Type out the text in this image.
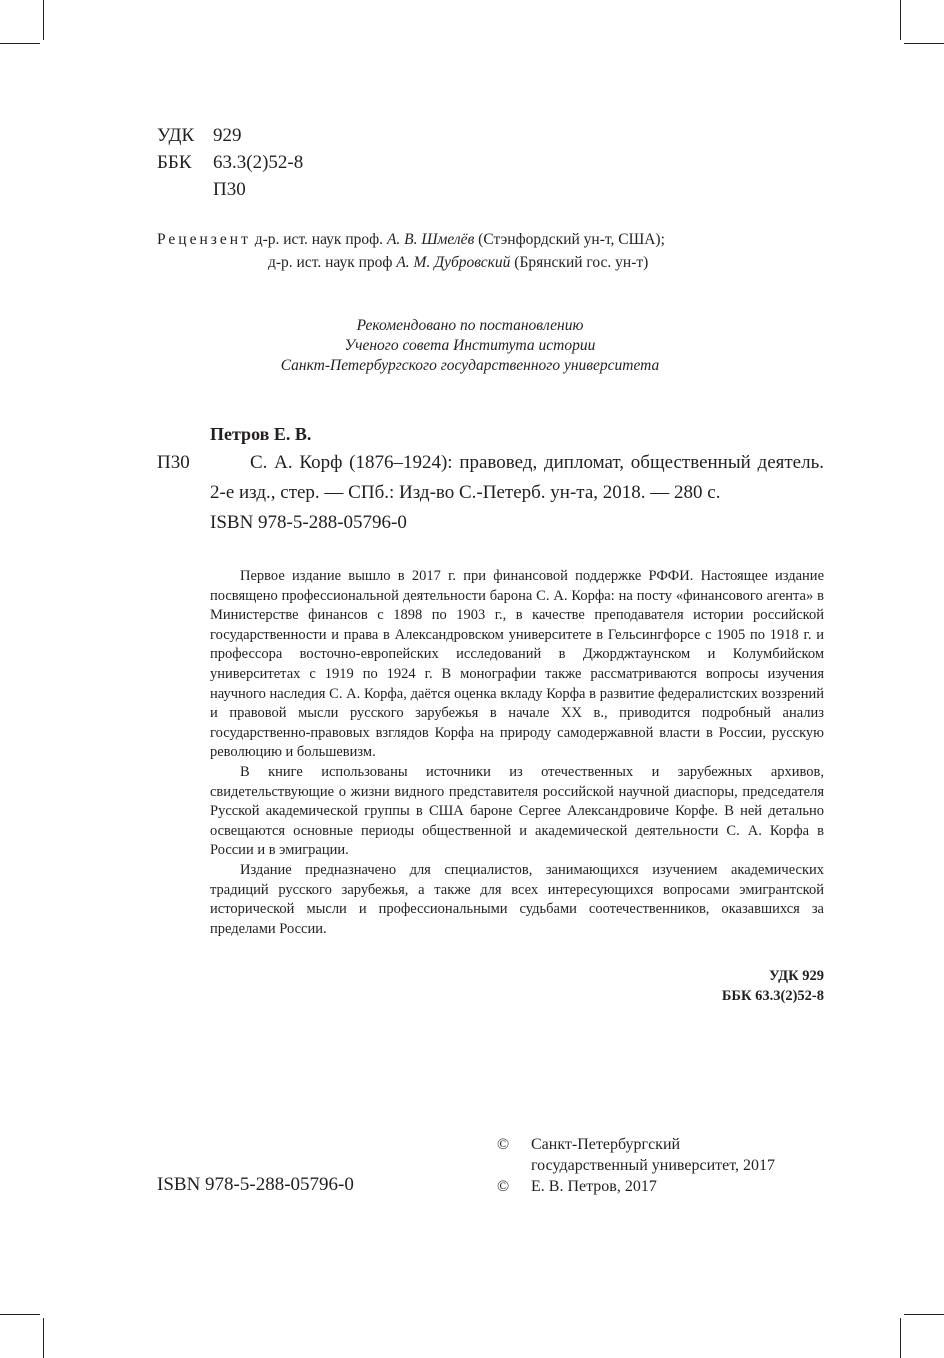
УДК 929
ББК 63.3(2)52-8
П30
Рецензент д-р. ист. наук проф. А. В. Шмелёв (Стэнфордский ун-т, США);
д-р. ист. наук проф А. М. Дубровский (Брянский гос. ун-т)
Рекомендовано по постановлению
Ученого совета Института истории
Санкт-Петербургского государственного университета
Петров Е. В.
П30	С. А. Корф (1876–1924): правовед, дипломат, общественный деятель. 2-е изд., стер. — СПб.: Изд-во С.-Петерб. ун-та, 2018. — 280 с.
ISBN 978-5-288-05796-0

Первое издание вышло в 2017 г. при финансовой поддержке РФФИ. Настоящее издание посвящено профессиональной деятельности барона С. А. Корфа: на посту «финансового агента» в Министерстве финансов с 1898 по 1903 г., в качестве преподавателя истории российской государственности и права в Александровском университете в Гельсингфорсе с 1905 по 1918 г. и профессора восточно-европейских исследований в Джорджтаунском и Колумбийском университетах с 1919 по 1924 г. В монографии также рассматриваются вопросы изучения научного наследия С. А. Корфа, даётся оценка вкладу Корфа в развитие федералистских воззрений и правовой мысли русского зарубежья в начале XX в., приводится подробный анализ государственно-правовых взглядов Корфа на природу самодержавной власти в России, русскую революцию и большевизм.

В книге использованы источники из отечественных и зарубежных архивов, свидетельствующие о жизни видного представителя российской научной диаспоры, председателя Русской академической группы в США бароне Сергее Александровиче Корфе. В ней детально освещаются основные периоды общественной и академической деятельности С. А. Корфа в России и в эмиграции.

Издание предназначено для специалистов, занимающихся изучением академических традиций русского зарубежья, а также для всех интересующихся вопросами эмигрантской исторической мысли и профессиональными судьбами соотечественников, оказавшихся за пределами России.

УДК 929
ББК 63.3(2)52-8
ISBN 978-5-288-05796-0
© Санкт-Петербургский
государственный университет, 2017
© Е. В. Петров, 2017
